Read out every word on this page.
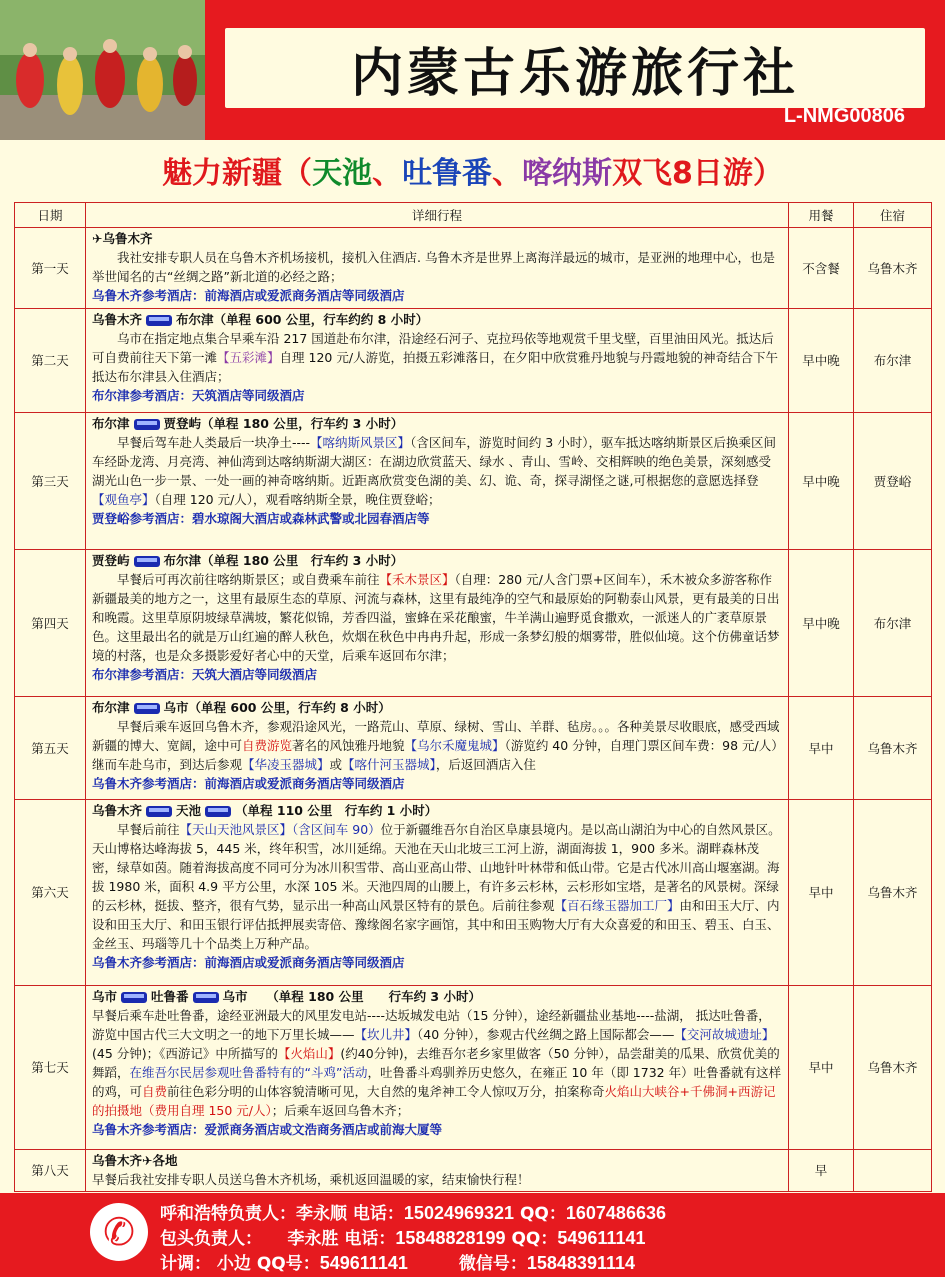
内蒙古乐游旅行社
L-NMG00806
魅力新疆（天池、吐鲁番、喀纳斯双飞8日游）
日期	详细行程	用餐	住宿
第一天	✈乌鲁木齐
我社安排专职人员在乌鲁木齐机场接机，接机入住酒店. 乌鲁木齐是世界上离海洋最远的城市，是亚洲的地理中心，也是举世闻名的古“丝绸之路”新北道的必经之路；
乌鲁木齐参考酒店：前海酒店或爱派商务酒店等同级酒店	不含餐	乌鲁木齐
第二天	乌鲁木齐 布尔津（单程 600 公里，行车约约 8 小时）
乌市在指定地点集合早乘车沿 217 国道赴布尔津，沿途经石河子、克拉玛依等地观赏千里戈壁，百里油田风光。抵达后可自费前往天下第一滩【五彩滩】自理 120 元/人游览，拍摄五彩滩落日，在夕阳中欣赏雅丹地貌与丹霞地貌的神奇结合下午抵达布尔津县入住酒店；
布尔津参考酒店：天筑酒店等同级酒店	早中晚	布尔津
第三天	布尔津 贾登屿（单程 180 公里，行车约 3 小时）
早餐后驾车赴人类最后一块净土----【喀纳斯风景区】（含区间车，游览时间约 3 小时），驱车抵达喀纳斯景区后换乘区间车经卧龙湾、月亮湾、神仙湾到达喀纳斯湖大湖区：在湖边欣赏蓝天、绿水 、青山、雪岭、交相辉映的绝色美景，深刻感受湖光山色一步一景、一处一画的神奇喀纳斯。近距离欣赏变色湖的美、幻、诡、奇，探寻湖怪之谜,可根据您的意愿选择登【观鱼亭】（自理 120 元/人），观看喀纳斯全景，晚住贾登峪；
贾登峪参考酒店：碧水琼阁大酒店或森林武警或北园春酒店等	早中晚	贾登峪
第四天	贾登屿 布尔津（单程 180 公里　行车约 3 小时）
早餐后可再次前往喀纳斯景区；或自费乘车前往【禾木景区】（自理：280 元/人含门票+区间车），禾木被众多游客称作新疆最美的地方之一，这里有最原生态的草原、河流与森林，这里有最纯净的空气和最原始的阿勒泰山风景，更有最美的日出和晚霞。这里草原阴坡绿草满坡，繁花似锦，芳香四溢，蜜蜂在采花酿蜜，牛羊满山遍野觅食撒欢，一派迷人的广袤草原景色。这里最出名的就是万山红遍的醉人秋色，炊烟在秋色中冉冉升起，形成一条梦幻般的烟雾带，胜似仙境。这个仿佛童话梦境的村落，也是众多摄影爱好者心中的天堂，后乘车返回布尔津；
布尔津参考酒店：天筑大酒店等同级酒店	早中晚	布尔津
第五天	布尔津 乌市（单程 600 公里，行车约 8 小时）
早餐后乘车返回乌鲁木齐，参观沿途风光，一路荒山、草原、绿树、雪山、羊群、毡房。。。各种美景尽收眼底，感受西域新疆的博大、宽阔，途中可自费游览著名的风蚀雅丹地貌【乌尔禾魔鬼城】（游览约 40 分钟，自理门票区间车费：98 元/人）继而车赴乌市，到达后参观【华凌玉器城】或【喀什河玉器城】，后返回酒店入住
乌鲁木齐参考酒店：前海酒店或爱派商务酒店等同级酒店	早中	乌鲁木齐
第六天	乌鲁木齐 天池 （单程 110 公里　行车约 1 小时）
早餐后前往【天山天池风景区】（含区间车 90）位于新疆维吾尔自治区阜康县境内。是以高山湖泊为中心的自然风景区。天山博格达峰海拔 5，445 米，终年积雪，冰川延绵。天池在天山北坡三工河上游，湖面海拔 1，900 多米。湖畔森林茂密，绿草如茵。随着海拔高度不同可分为冰川积雪带、高山亚高山带、山地针叶林带和低山带。它是古代冰川高山堰塞湖。海拔 1980 米，面积 4.9 平方公里，水深 105 米。天池四周的山腰上，有许多云杉林，云杉形如宝塔，是著名的风景树。深绿的云杉林，挺拔、整齐，很有气势，显示出一种高山风景区特有的景色。后前往参观【百石缘玉器加工厂】由和田玉大厅、内设和田玉大厅、和田玉银行评估抵押展卖寄倍、豫缘阁名家字画馆，其中和田玉购物大厅有大众喜爱的和田玉、碧玉、白玉、金丝玉、玛瑙等几十个品类上万种产品。
乌鲁木齐参考酒店：前海酒店或爱派商务酒店等同级酒店	早中	乌鲁木齐
第七天	乌市 吐鲁番 乌市　　（单程 180 公里　　行车约 3 小时）
早餐后乘车赴吐鲁番，途经亚洲最大的风里发电站----达坂城发电站（15 分钟），途经新疆盐业基地----盐湖， 抵达吐鲁番，游览中国古代三大文明之一的地下万里长城——【坎儿井】（40 分钟），参观古代丝绸之路上国际都会——【交河故城遗址】(45 分钟)；《西游记》中所描写的【火焰山】(约40分钟)，去维吾尔老乡家里做客（50 分钟），品尝甜美的瓜果、欣赏优美的舞蹈，在维吾尔民居参观吐鲁番特有的“斗鸡”活动，吐鲁番斗鸡驯养历史悠久，在雍正 10 年（即 1732 年）吐鲁番就有这样的鸡，可自费前往色彩分明的山体容貌清晰可见，大自然的鬼斧神工令人惊叹万分，拍案称奇火焰山大峡谷+千佛洞+西游记的拍摄地（费用自理 150 元/人）；后乘车返回乌鲁木齐；
乌鲁木齐参考酒店：爱派商务酒店或文浩商务酒店或前海大厦等	早中	乌鲁木齐
第八天	乌鲁木齐✈各地
早餐后我社安排专职人员送乌鲁木齐机场，乘机返回温暖的家，结束愉快行程！	早	
✆	呼和浩特负责人：李永顺 电话：15024969321 QQ：1607486636
包头负责人：　　李永胜 电话：15848828199 QQ：549611141
计调： 小边 QQ号：549611141　　　微信号：15848391114
